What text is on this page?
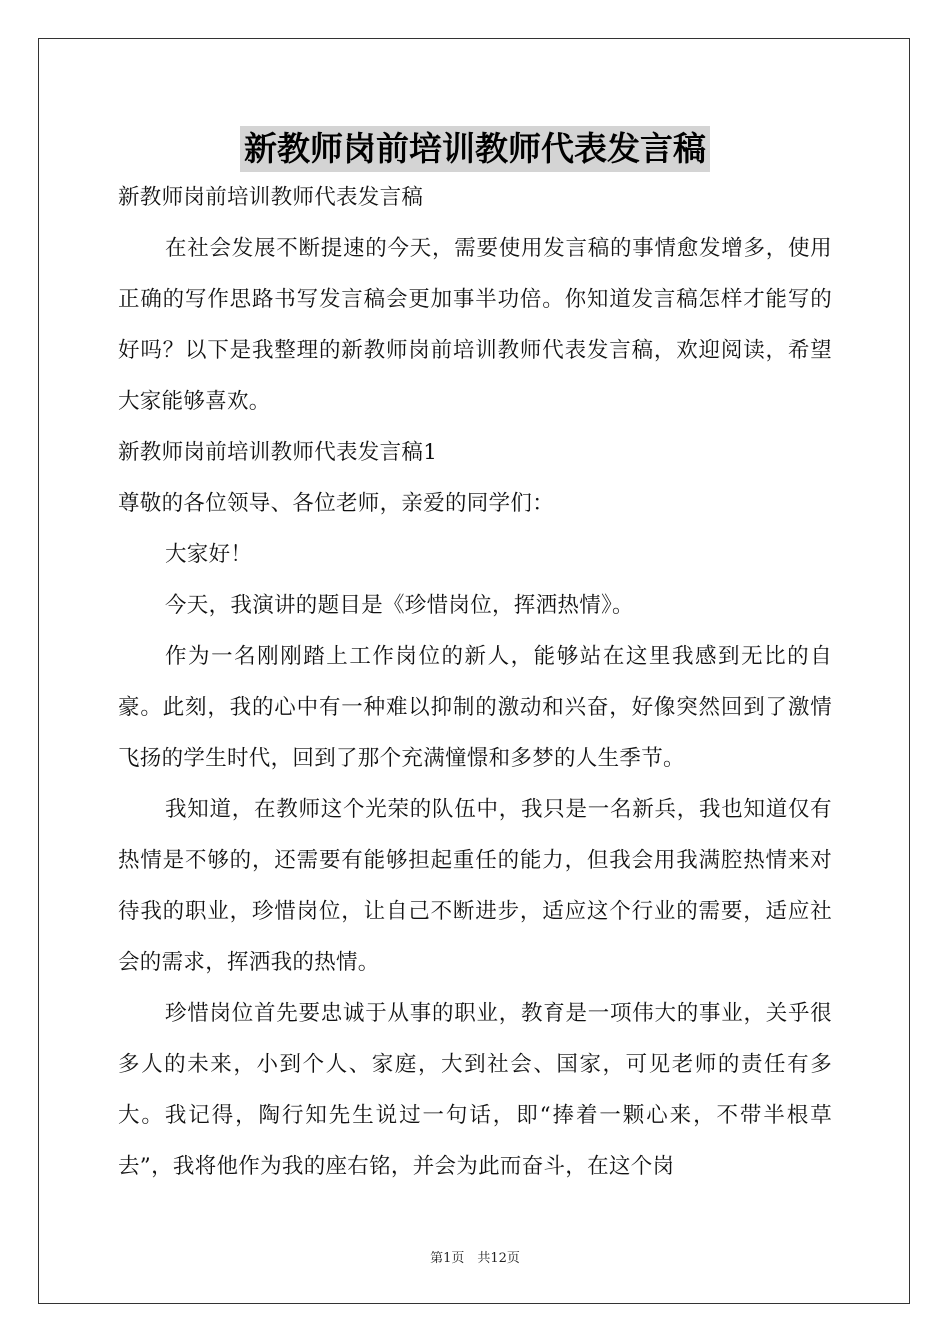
新教师岗前培训教师代表发言稿

新教师岗前培训教师代表发言稿

在社会发展不断提速的今天，需要使用发言稿的事情愈发增多，使用正确的写作思路书写发言稿会更加事半功倍。你知道发言稿怎样才能写的好吗？以下是我整理的新教师岗前培训教师代表发言稿，欢迎阅读，希望大家能够喜欢。

新教师岗前培训教师代表发言稿1

尊敬的各位领导、各位老师，亲爱的同学们：

大家好！

今天，我演讲的题目是《珍惜岗位，挥洒热情》。

作为一名刚刚踏上工作岗位的新人，能够站在这里我感到无比的自豪。此刻，我的心中有一种难以抑制的激动和兴奋，好像突然回到了激情飞扬的学生时代，回到了那个充满憧憬和多梦的人生季节。

我知道，在教师这个光荣的队伍中，我只是一名新兵，我也知道仅有热情是不够的，还需要有能够担起重任的能力，但我会用我满腔热情来对待我的职业，珍惜岗位，让自己不断进步，适应这个行业的需要，适应社会的需求，挥洒我的热情。

珍惜岗位首先要忠诚于从事的职业，教育是一项伟大的事业，关乎很多人的未来，小到个人、家庭，大到社会、国家，可见老师的责任有多大。我记得，陶行知先生说过一句话，即“捧着一颗心来，不带半根草去”，我将他作为我的座右铭，并会为此而奋斗，在这个岗

第1页　共12页
